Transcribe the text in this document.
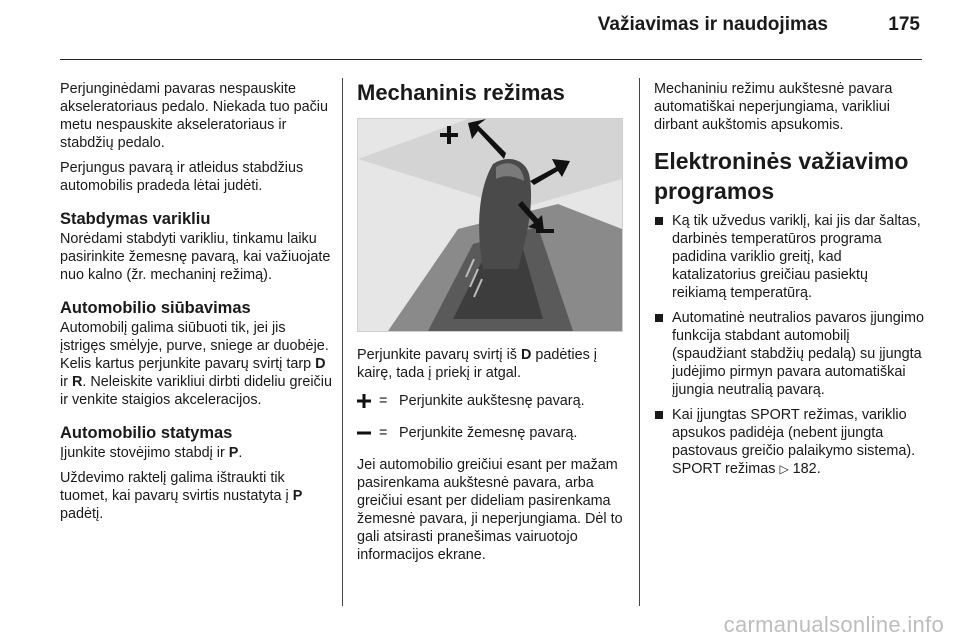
Važiavimas ir naudojimas	175

Perjunginėdami pavaras nespauskite akseleratoriaus pedalo. Niekada tuo pačiu metu nespauskite akseleratoriaus ir stabdžių pedalo.

Perjungus pavarą ir atleidus stabdžius automobilis pradeda lėtai judėti.

Stabdymas varikliu

Norėdami stabdyti varikliu, tinkamu laiku pasirinkite žemesnę pavarą, kai važiuojate nuo kalno (žr. mechaninį režimą).

Automobilio siūbavimas

Automobilį galima siūbuoti tik, jei jis įstrigęs smėlyje, purve, sniege ar duobėje. Kelis kartus perjunkite pavarų svirtį tarp D ir R. Neleiskite varikliui dirbti dideliu greičiu ir venkite staigios akceleracijos.

Automobilio statymas

Įjunkite stovėjimo stabdį ir P.

Uždevimo raktelį galima ištraukti tik tuomet, kai pavarų svirtis nustatyta į P padėtį.

Mechaninis režimas

Perjunkite pavarų svirtį iš D padėties į kairę, tada į priekį ir atgal.

= Perjunkite aukštesnę pavarą.
= Perjunkite žemesnę pavarą.

Jei automobilio greičiui esant per mažam pasirenkama aukštesnė pavara, arba greičiui esant per dideliam pasirenkama žemesnė pavara, ji neperjungiama. Dėl to gali atsirasti pranešimas vairuotojo informacijos ekrane.

Mechaniniu režimu aukštesnė pavara automatiškai neperjungiama, varikliui dirbant aukštomis apsukomis.

Elektroninės važiavimo programos
Ką tik užvedus variklį, kai jis dar šaltas, darbinės temperatūros programa padidina variklio greitį, kad katalizatorius greičiau pasiektų reikiamą temperatūrą.
Automatinė neutralios pavaros įjungimo funkcija stabdant automobilį (spaudžiant stabdžių pedalą) su įjungta judėjimo pirmyn pavara automatiškai įjungia neutralią pavarą.
Kai įjungtas SPORT režimas, variklio apsukos padidėja (nebent įjungta pastovaus greičio palaikymo sistema). SPORT režimas ▷ 182.
carmanualsonline.info
